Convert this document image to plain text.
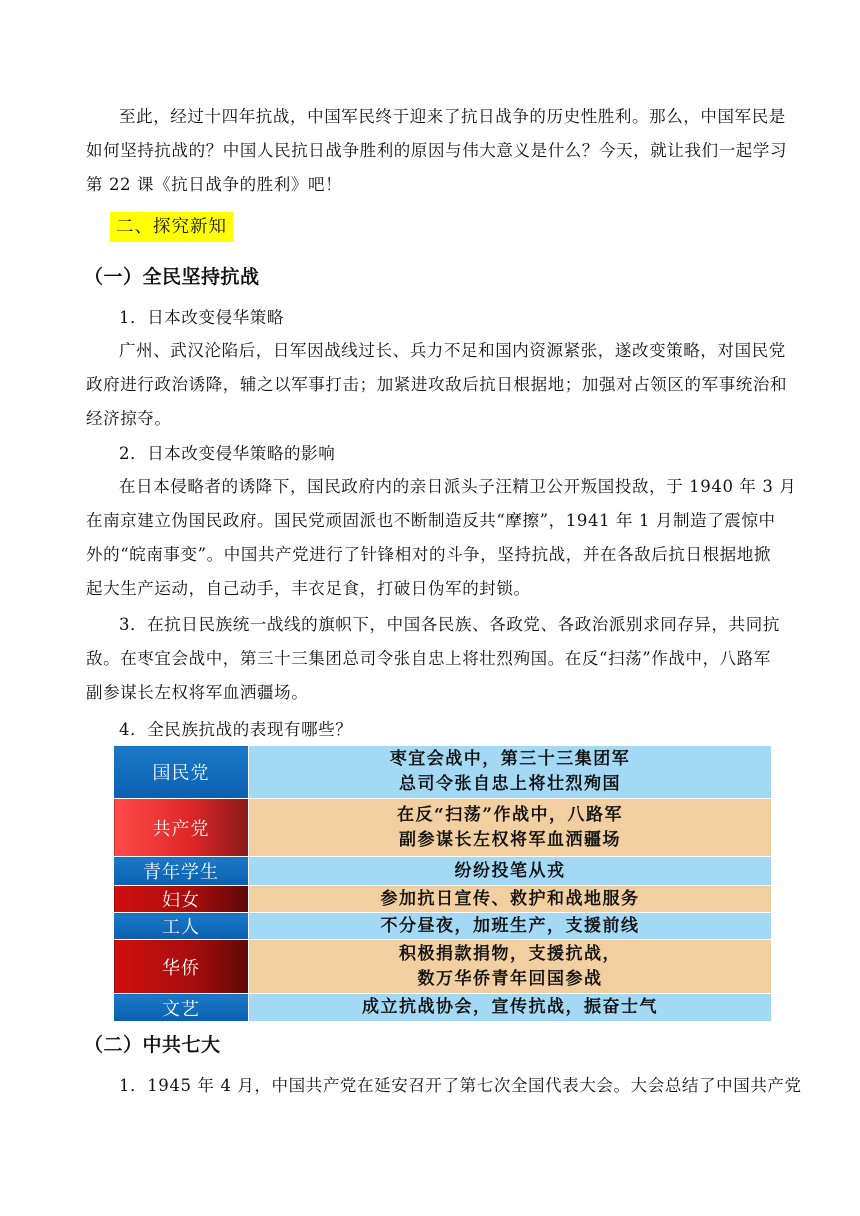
至此，经过十四年抗战，中国军民终于迎来了抗日战争的历史性胜利。那么，中国军民是
如何坚持抗战的？中国人民抗日战争胜利的原因与伟大意义是什么？今天，就让我们一起学习
第 22 课《抗日战争的胜利》吧！
二、探究新知
（一）全民坚持抗战
1．日本改变侵华策略
广州、武汉沦陷后，日军因战线过长、兵力不足和国内资源紧张，遂改变策略，对国民党
政府进行政治诱降，辅之以军事打击；加紧进攻敌后抗日根据地；加强对占领区的军事统治和
经济掠夺。
2．日本改变侵华策略的影响
在日本侵略者的诱降下，国民政府内的亲日派头子汪精卫公开叛国投敌，于 1940 年 3 月
在南京建立伪国民政府。国民党顽固派也不断制造反共“摩擦”，1941 年 1 月制造了震惊中
外的“皖南事变”。中国共产党进行了针锋相对的斗争，坚持抗战，并在各敌后抗日根据地掀
起大生产运动，自己动手，丰衣足食，打破日伪军的封锁。
3．在抗日民族统一战线的旗帜下，中国各民族、各政党、各政治派别求同存异，共同抗
敌。在枣宜会战中，第三十三集团总司令张自忠上将壮烈殉国。在反“扫荡”作战中，八路军
副参谋长左权将军血洒疆场。
4．全民族抗战的表现有哪些？
国民党	枣宜会战中，第三十三集团军
总司令张自忠上将壮烈殉国

共产党	在反“扫荡”作战中，八路军
副参谋长左权将军血洒疆场

青年学生	纷纷投笔从戎

妇女	参加抗日宣传、救护和战地服务

工人	不分昼夜，加班生产，支援前线

华侨	积极捐款捐物，支援抗战，
数万华侨青年回国参战

文艺	成立抗战协会，宣传抗战，振奋士气
（二）中共七大
1．1945 年 4 月，中国共产党在延安召开了第七次全国代表大会。大会总结了中国共产党
